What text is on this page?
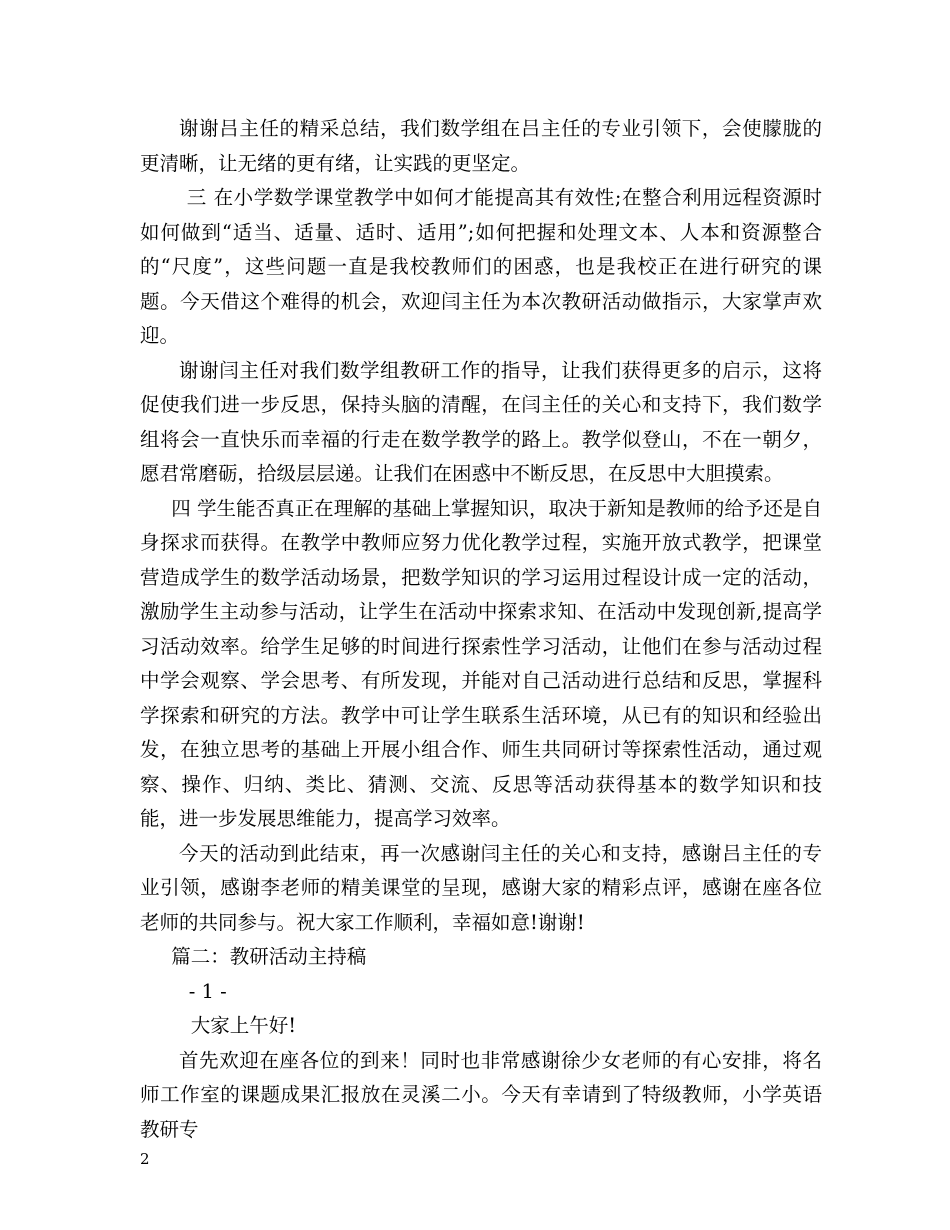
谢谢吕主任的精采总结，我们数学组在吕主任的专业引领下，会使朦胧的更清晰，让无绪的更有绪，让实践的更坚定。

三 在小学数学课堂教学中如何才能提高其有效性;在整合利用远程资源时如何做到“适当、适量、适时、适用”;如何把握和处理文本、人本和资源整合的“尺度”，这些问题一直是我校教师们的困惑，也是我校正在进行研究的课题。今天借这个难得的机会，欢迎闫主任为本次教研活动做指示，大家掌声欢迎。

谢谢闫主任对我们数学组教研工作的指导，让我们获得更多的启示，这将促使我们进一步反思，保持头脑的清醒，在闫主任的关心和支持下，我们数学组将会一直快乐而幸福的行走在数学教学的路上。教学似登山，不在一朝夕，愿君常磨砺，拾级层层递。让我们在困惑中不断反思，在反思中大胆摸索。

四 学生能否真正在理解的基础上掌握知识，取决于新知是教师的给予还是自身探求而获得。在教学中教师应努力优化教学过程，实施开放式教学，把课堂营造成学生的数学活动场景，把数学知识的学习运用过程设计成一定的活动，激励学生主动参与活动，让学生在活动中探索求知、在活动中发现创新,提高学习活动效率。给学生足够的时间进行探索性学习活动，让他们在参与活动过程中学会观察、学会思考、有所发现，并能对自己活动进行总结和反思，掌握科学探索和研究的方法。教学中可让学生联系生活环境，从已有的知识和经验出发，在独立思考的基础上开展小组合作、师生共同研讨等探索性活动，通过观察、操作、归纳、类比、猜测、交流、反思等活动获得基本的数学知识和技能，进一步发展思维能力，提高学习效率。

今天的活动到此结束，再一次感谢闫主任的关心和支持，感谢吕主任的专业引领，感谢李老师的精美课堂的呈现，感谢大家的精彩点评，感谢在座各位老师的共同参与。祝大家工作顺利，幸福如意!谢谢!

篇二：教研活动主持稿

- 1 -

大家上午好!

首先欢迎在座各位的到来！同时也非常感谢徐少女老师的有心安排，将名师工作室的课题成果汇报放在灵溪二小。今天有幸请到了特级教师，小学英语教研专

2
